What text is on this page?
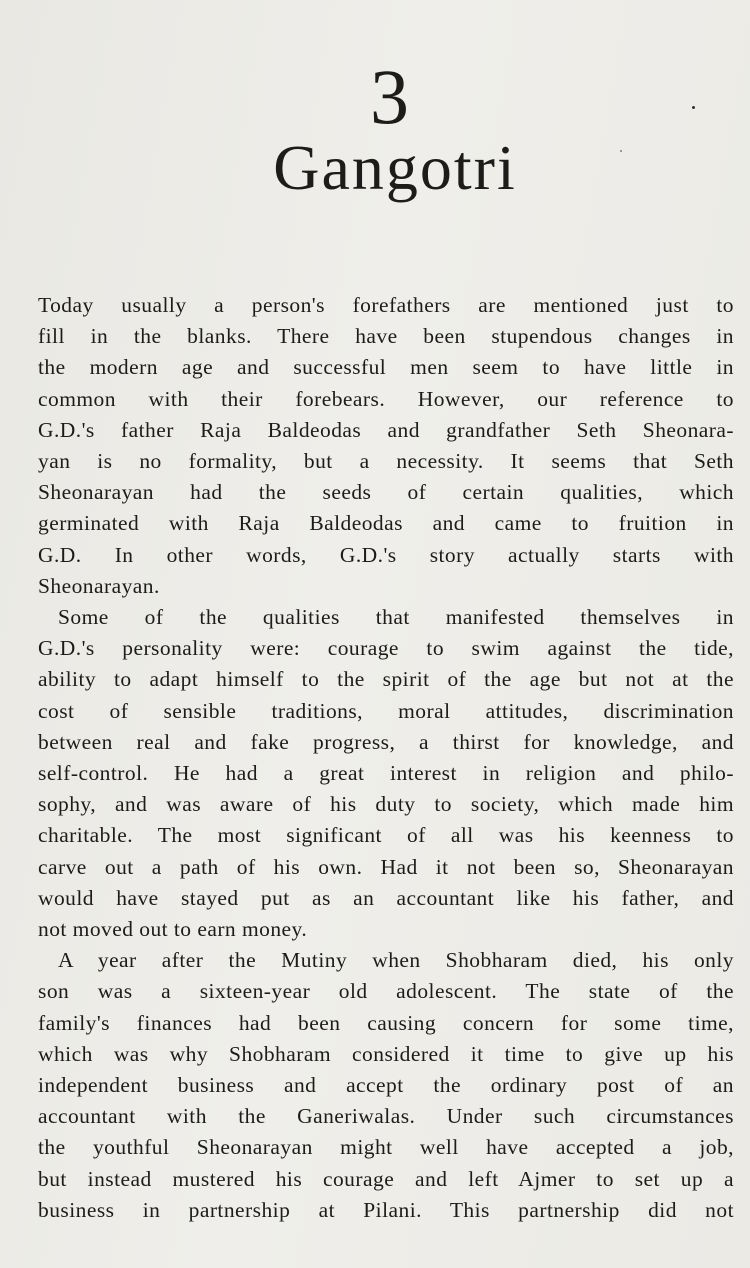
3
Gangotri
Today usually a person's forefathers are mentioned just to
fill in the blanks. There have been stupendous changes in
the modern age and successful men seem to have little in
common with their forebears. However, our reference to
G.D.'s father Raja Baldeodas and grandfather Seth Sheonara-
yan is no formality, but a necessity. It seems that Seth
Sheonarayan had the seeds of certain qualities, which
germinated with Raja Baldeodas and came to fruition in
G.D. In other words, G.D.'s story actually starts with
Sheonarayan.
Some of the qualities that manifested themselves in
G.D.'s personality were: courage to swim against the tide,
ability to adapt himself to the spirit of the age but not at the
cost of sensible traditions, moral attitudes, discrimination
between real and fake progress, a thirst for knowledge, and
self-control. He had a great interest in religion and philo-
sophy, and was aware of his duty to society, which made him
charitable. The most significant of all was his keenness to
carve out a path of his own. Had it not been so, Sheonarayan
would have stayed put as an accountant like his father, and
not moved out to earn money.
A year after the Mutiny when Shobharam died, his only
son was a sixteen-year old adolescent. The state of the
family's finances had been causing concern for some time,
which was why Shobharam considered it time to give up his
independent business and accept the ordinary post of an
accountant with the Ganeriwalas. Under such circumstances
the youthful Sheonarayan might well have accepted a job,
but instead mustered his courage and left Ajmer to set up a
business in partnership at Pilani. This partnership did not
